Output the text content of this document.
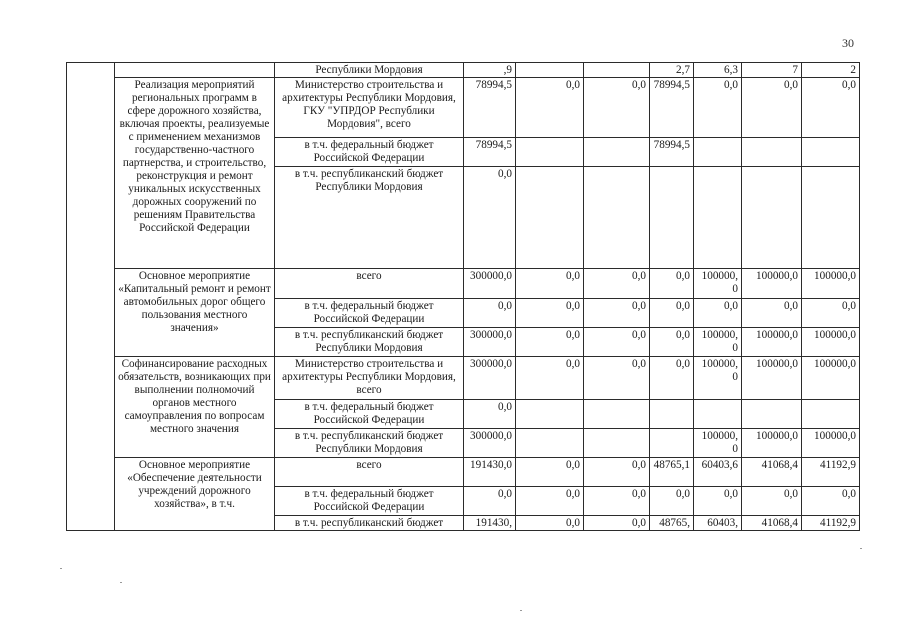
30
		Республики Мордовия	,9			2,7	6,3	7	2
	Реализация мероприятий региональных программ в сфере дорожного хозяйства, включая проекты, реализуемые с применением механизмов государственно-частного партнерства, и строительство, реконструкция и ремонт уникальных искусственных дорожных сооружений по решениям Правительства Российской Федерации	Министерство строительства и архитектуры Республики Мордовия, ГКУ "УПРДОР Республики Мордовия", всего	78994,5	0,0	0,0	78994,5	0,0	0,0	0,0
		в т.ч. федеральный бюджет Российской Федерации	78994,5			78994,5			
		в т.ч. республиканский бюджет Республики Мордовия	0,0						
	Основное мероприятие «Капитальный ремонт и ремонт автомобильных дорог общего пользования местного значения»	всего	300000,0	0,0	0,0	0,0	100000,0	100000,0	100000,0
		в т.ч. федеральный бюджет Российской Федерации	0,0	0,0	0,0	0,0	0,0	0,0	0,0
		в т.ч. республиканский бюджет Республики Мордовия	300000,0	0,0	0,0	0,0	100000,0	100000,0	100000,0
	Софинансирование расходных обязательств, возникающих при выполнении полномочий органов местного самоуправления по вопросам местного значения	Министерство строительства и архитектуры Республики Мордовия, всего	300000,0	0,0	0,0	0,0	100000,0	100000,0	100000,0
		в т.ч. федеральный бюджет Российской Федерации	0,0						
		в т.ч. республиканский бюджет Республики Мордовия	300000,0				100000,0	100000,0	100000,0
	Основное мероприятие «Обеспечение деятельности учреждений дорожного хозяйства», в т.ч.	всего	191430,0	0,0	0,0	48765,1	60403,6	41068,4	41192,9
		в т.ч. федеральный бюджет Российской Федерации	0,0	0,0	0,0	0,0	0,0	0,0	0,0
		в т.ч. республиканский бюджет	191430,	0,0	0,0	48765,	60403,	41068,4	41192,9
